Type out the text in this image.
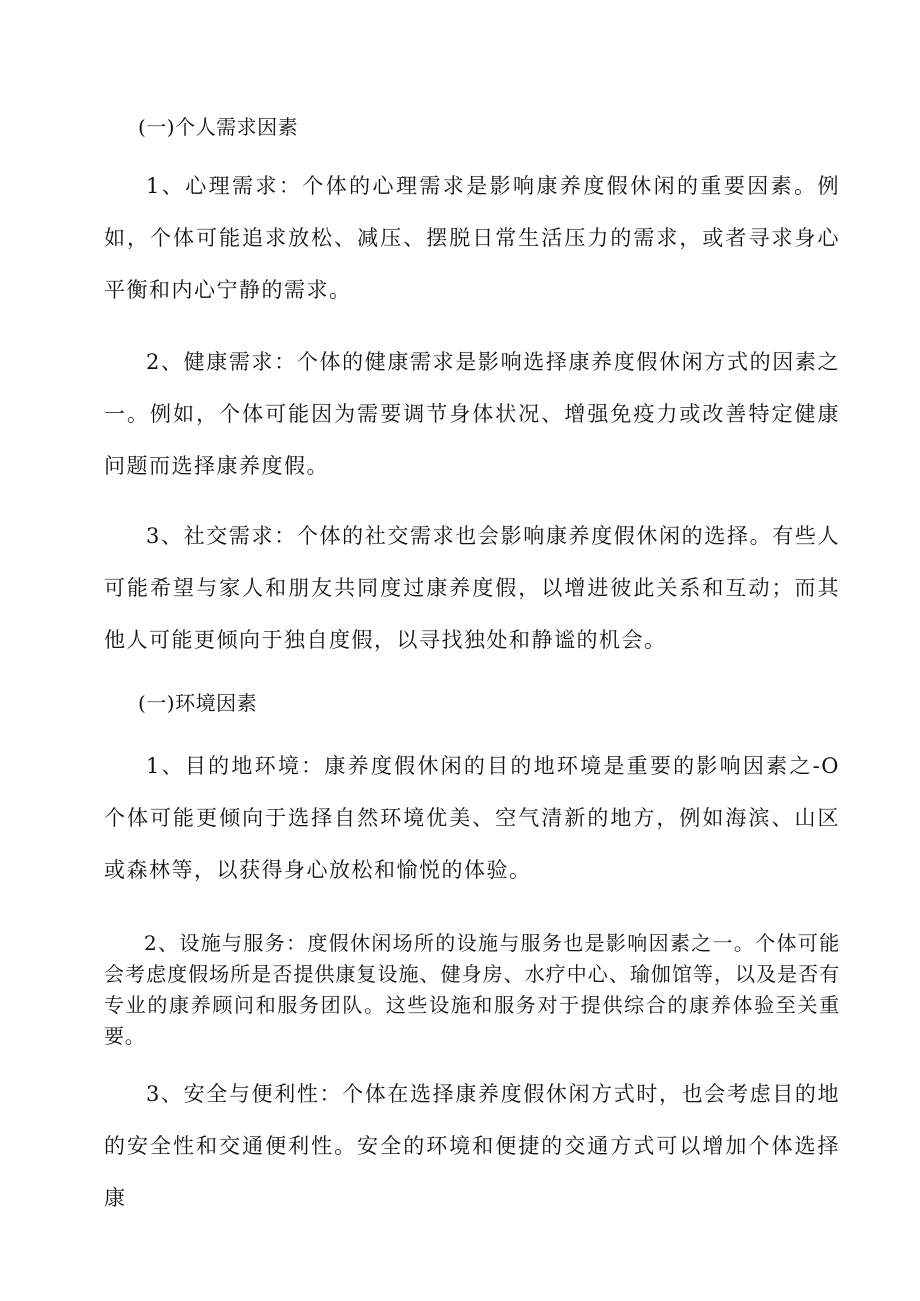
(一)个人需求因素

1、心理需求：个体的心理需求是影响康养度假休闲的重要因素。例如，个体可能追求放松、减压、摆脱日常生活压力的需求，或者寻求身心平衡和内心宁静的需求。

2、健康需求：个体的健康需求是影响选择康养度假休闲方式的因素之一。例如，个体可能因为需要调节身体状况、增强免疫力或改善特定健康问题而选择康养度假。

3、社交需求：个体的社交需求也会影响康养度假休闲的选择。有些人可能希望与家人和朋友共同度过康养度假，以增进彼此关系和互动；而其他人可能更倾向于独自度假，以寻找独处和静谧的机会。

(一)环境因素

1、目的地环境：康养度假休闲的目的地环境是重要的影响因素之-O个体可能更倾向于选择自然环境优美、空气清新的地方，例如海滨、山区或森林等，以获得身心放松和愉悦的体验。

2、设施与服务：度假休闲场所的设施与服务也是影响因素之一。个体可能会考虑度假场所是否提供康复设施、健身房、水疗中心、瑜伽馆等，以及是否有专业的康养顾问和服务团队。这些设施和服务对于提供综合的康养体验至关重要。

3、安全与便利性：个体在选择康养度假休闲方式时，也会考虑目的地的安全性和交通便利性。安全的环境和便捷的交通方式可以增加个体选择康
